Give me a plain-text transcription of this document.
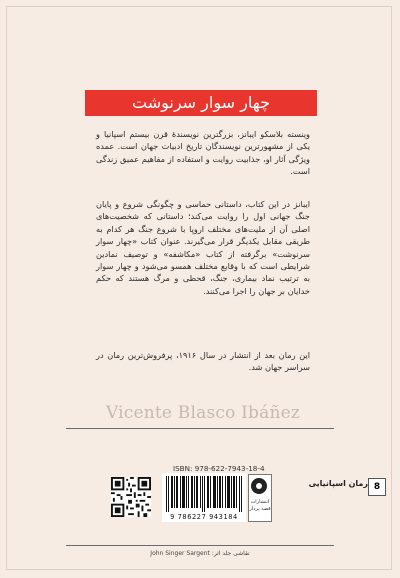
چهار سوار سرنوشت

وینسته بلاسکو ایبانز، بزرگترین نویسندهٔ قرن بیستم اسپانیا و یکی از مشهورترین نویسندگان تاریخ ادبیات جهان است. عمده ویژگی آثار او، جذابیت روایت و استفاده از مفاهیم عمیق زندگی است.

ایبانز در این کتاب، داستانی حماسی و چگونگی شروع و پایان جنگ جهانی اول را روایت می‌کند؛ داستانی که شخصیت‌های اصلی آن از ملیت‌های مختلف اروپا با شروع جنگ هر کدام به طریقی مقابل یکدیگر قرار می‌گیرند. عنوان کتاب «چهار سوار سرنوشت» برگرفته از کتاب «مکاشفه» و توصیف نمادین شرایطی است که با وقایع مختلف همسو می‌شود و چهار سوار به ترتیب نماد بیماری، جنگ، قحطی و مرگ هستند که حکم خدایان بر جهان را اجرا می‌کنند.

این رمان بعد از انتشار در سال ۱۹۱۶، پرفروش‌ترین رمان در سراسر جهان شد.

Vicente Blasco Ibáñez
رمان اسپانیایی 8
ISBN: 978-622-7943-18-4
9 786227 943184
انتشارات قصه پرداز
نقاشی جلد اثر: John Singer Sargent
